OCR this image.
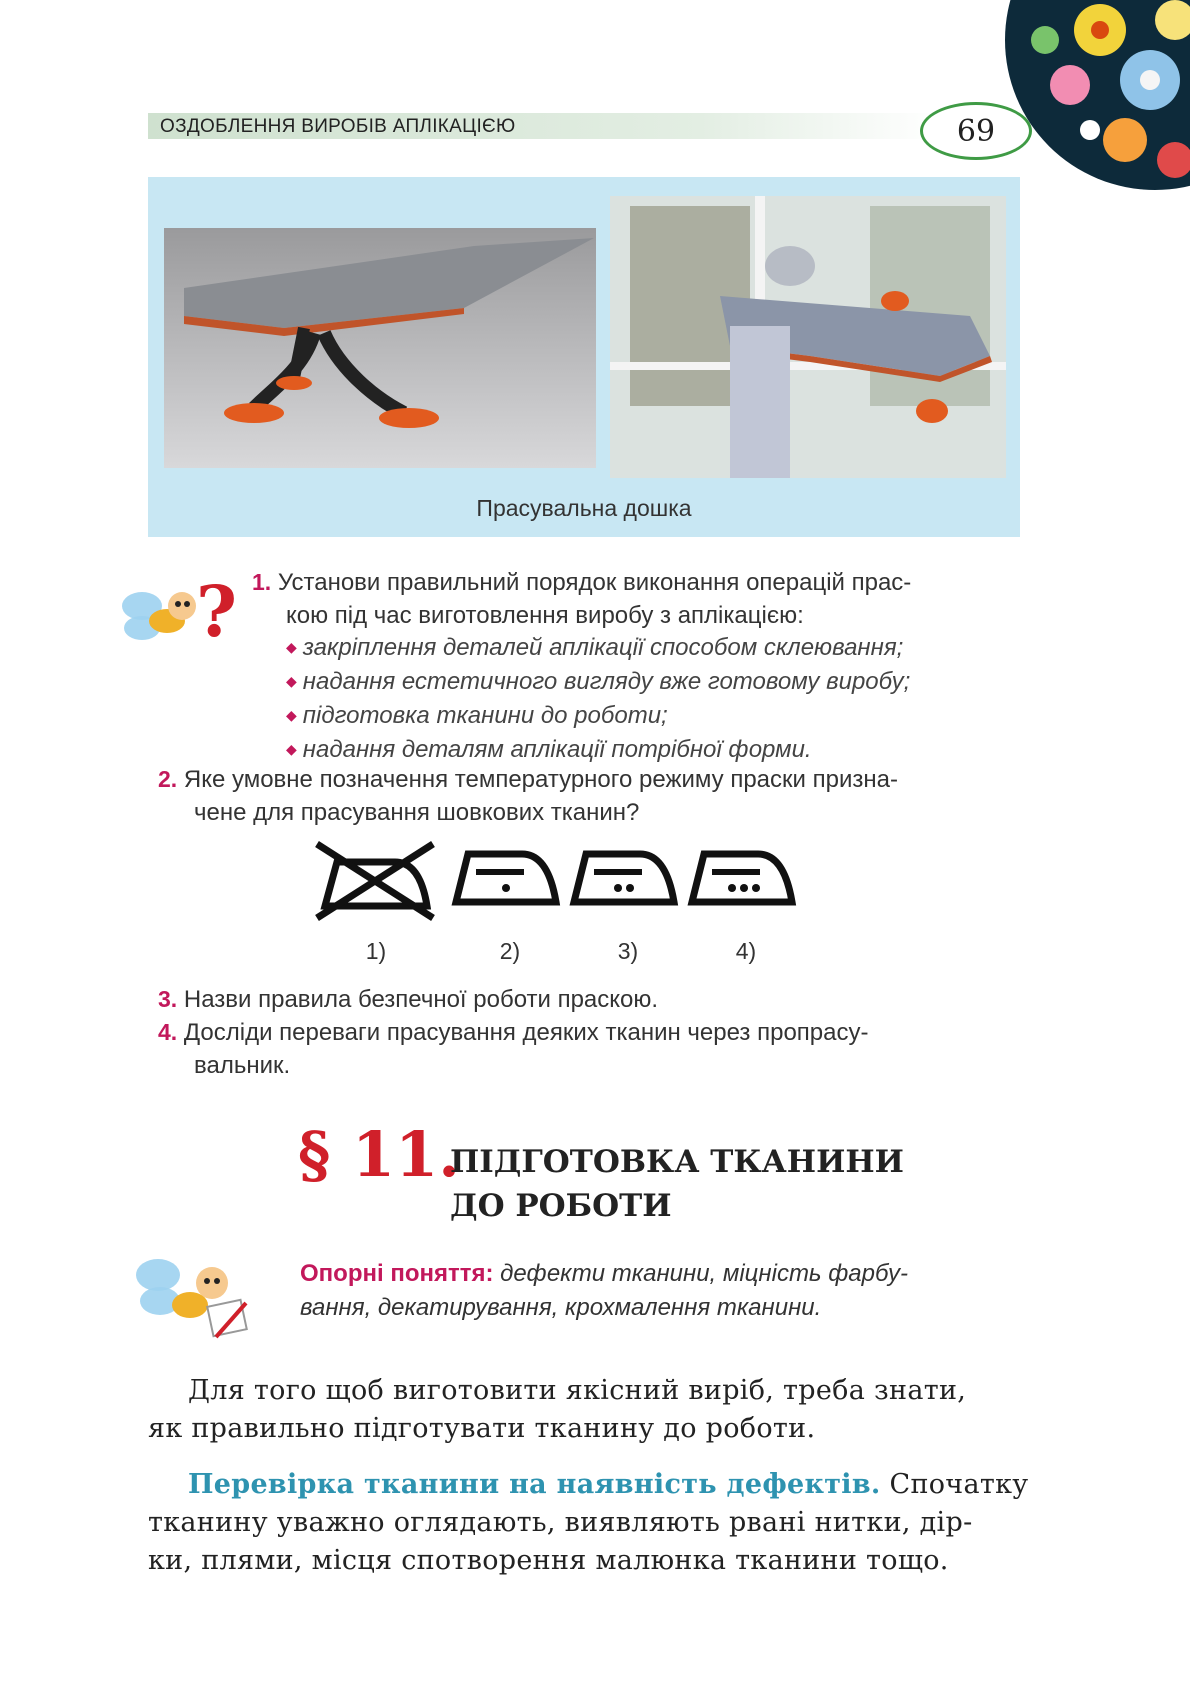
ОЗДОБЛЕННЯ ВИРОБІВ АПЛІКАЦІЄЮ	69
Прасувальна дошка
? 1. Установи правильний порядок виконання операцій прас-
кою під час виготовлення виробу з аплікацією:
◆ закріплення деталей аплікації способом склеювання;
◆ надання естетичного вигляду вже готовому виробу;
◆ підготовка тканини до роботи;
◆ надання деталям аплікації потрібної форми.
2. Яке умовне позначення температурного режиму праски призна-
чене для прасування шовкових тканин?
1)	2)	3)	4)
3. Назви правила безпечної роботи праскою.
4. Досліди переваги прасування деяких тканин через пропрасу-
вальник.
§ 11.
ПІДГОТОВКА ТКАНИНИ
ДО РОБОТИ
Опорні поняття: дефекти тканини, міцність фарбу-
вання, декатирування, крохмалення тканини.
Для того щоб виготовити якісний виріб, треба знати,
як правильно підготувати тканину до роботи.
Перевірка тканини на наявність дефектів. Спочатку
тканину уважно оглядають, виявляють рвані нитки, дір-
ки, плями, місця спотворення малюнка тканини тощо.
